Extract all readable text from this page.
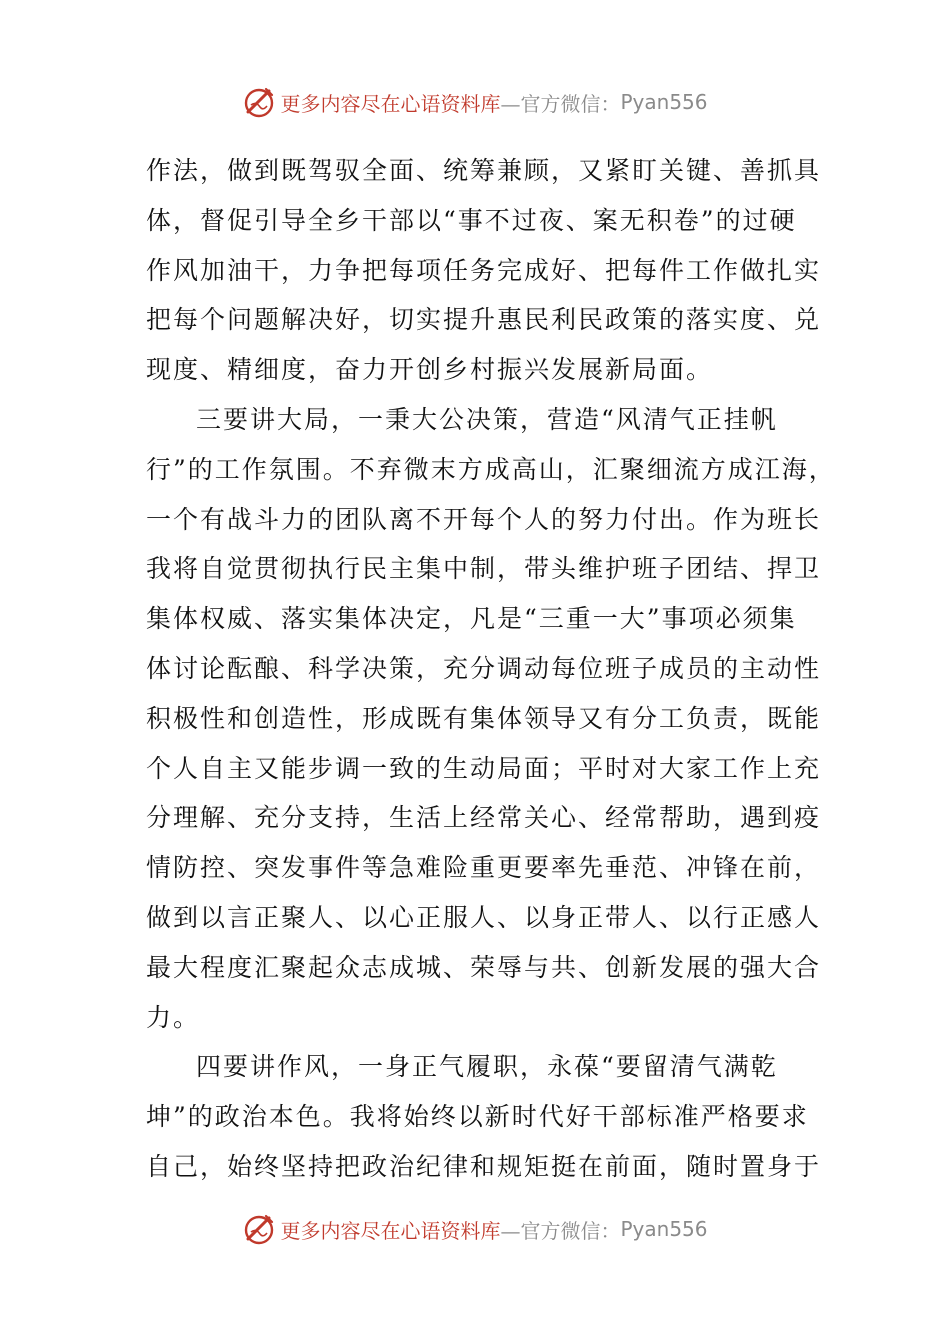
更多内容尽在心语资料库 —官方微信： Pyan556
作法，做到既驾驭全面、统筹兼顾，又紧盯关键、善抓具
体，督促引导全乡干部以“事不过夜、案无积卷”的过硬
作风加油干，力争把每项任务完成好、把每件工作做扎实
把每个问题解决好，切实提升惠民利民政策的落实度、兑
现度、精细度，奋力开创乡村振兴发展新局面。
三要讲大局，一秉大公决策，营造“风清气正挂帆
行”的工作氛围。不弃微末方成高山，汇聚细流方成江海，
一个有战斗力的团队离不开每个人的努力付出。作为班长
我将自觉贯彻执行民主集中制，带头维护班子团结、捍卫
集体权威、落实集体决定，凡是“三重一大”事项必须集
体讨论酝酿、科学决策，充分调动每位班子成员的主动性
积极性和创造性，形成既有集体领导又有分工负责，既能
个人自主又能步调一致的生动局面；平时对大家工作上充
分理解、充分支持，生活上经常关心、经常帮助，遇到疫
情防控、突发事件等急难险重更要率先垂范、冲锋在前，
做到以言正聚人、以心正服人、以身正带人、以行正感人
最大程度汇聚起众志成城、荣辱与共、创新发展的强大合
力。
四要讲作风，一身正气履职，永葆“要留清气满乾
坤”的政治本色。我将始终以新时代好干部标准严格要求
自己，始终坚持把政治纪律和规矩挺在前面，随时置身于
更多内容尽在心语资料库 —官方微信： Pyan556
